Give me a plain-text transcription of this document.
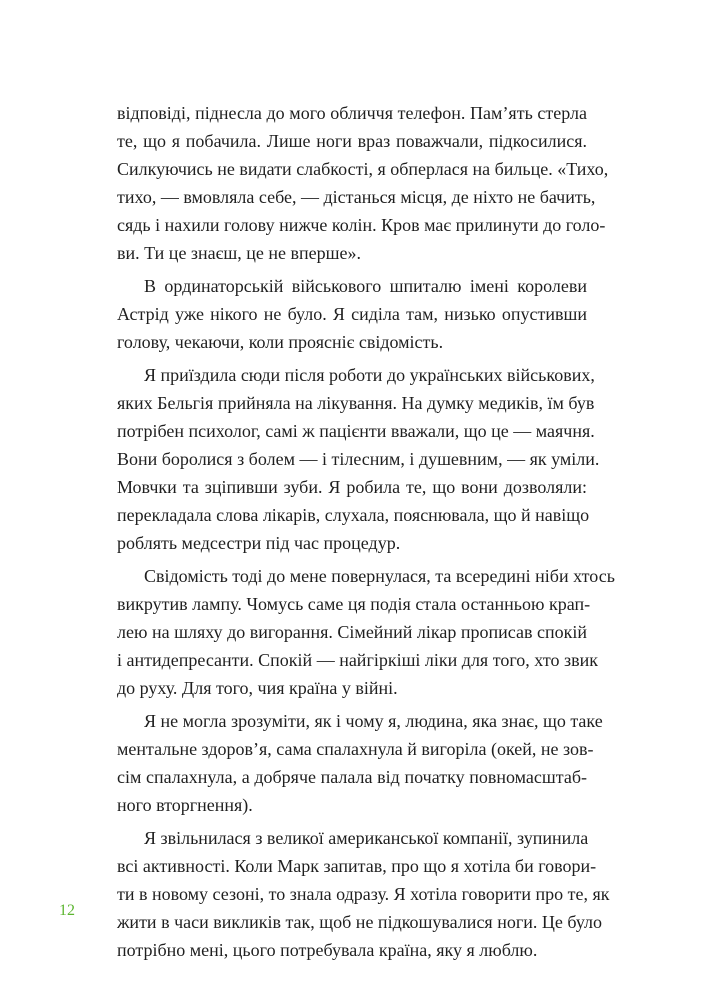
відповіді, піднесла до мого обличчя телефон. Пам’ять стерла
те, що я побачила. Лише ноги враз поважчали, підкосилися.
Силкуючись не видати слабкості, я обперлася на бильце. «Тихо,
тихо, — вмовляла себе, — дістанься місця, де ніхто не бачить,
сядь і нахили голову нижче колін. Кров має прилинути до голо-
ви. Ти це знаєш, це не вперше».
В ординаторській військового шпиталю імені королеви
Астрід уже нікого не було. Я сиділа там, низько опустивши
голову, чекаючи, коли проясніє свідомість.
Я приїздила сюди після роботи до українських військових,
яких Бельгія прийняла на лікування. На думку медиків, їм був
потрібен психолог, самі ж пацієнти вважали, що це — маячня.
Вони боролися з болем — і тілесним, і душевним, — як уміли.
Мовчки та зціпивши зуби. Я робила те, що вони дозволяли:
перекладала слова лікарів, слухала, пояснювала, що й навіщо
роблять медсестри під час процедур.
Свідомість тоді до мене повернулася, та всередині ніби хтось
викрутив лампу. Чомусь саме ця подія стала останньою крап-
лею на шляху до вигорання. Сімейний лікар прописав спокій
і антидепресанти. Спокій — найгіркіші ліки для того, хто звик
до руху. Для того, чия країна у війні.
Я не могла зрозуміти, як і чому я, людина, яка знає, що таке
ментальне здоров’я, сама спалахнула й вигоріла (окей, не зов-
сім спалахнула, а добряче палала від початку повномасштаб-
ного вторгнення).
Я звільнилася з великої американської компанії, зупинила
всі активності. Коли Марк запитав, про що я хотіла би говори-
ти в новому сезоні, то знала одразу. Я хотіла говорити про те, як
жити в часи викликів так, щоб не підкошувалися ноги. Це було
потрібно мені, цього потребувала країна, яку я люблю.
12
